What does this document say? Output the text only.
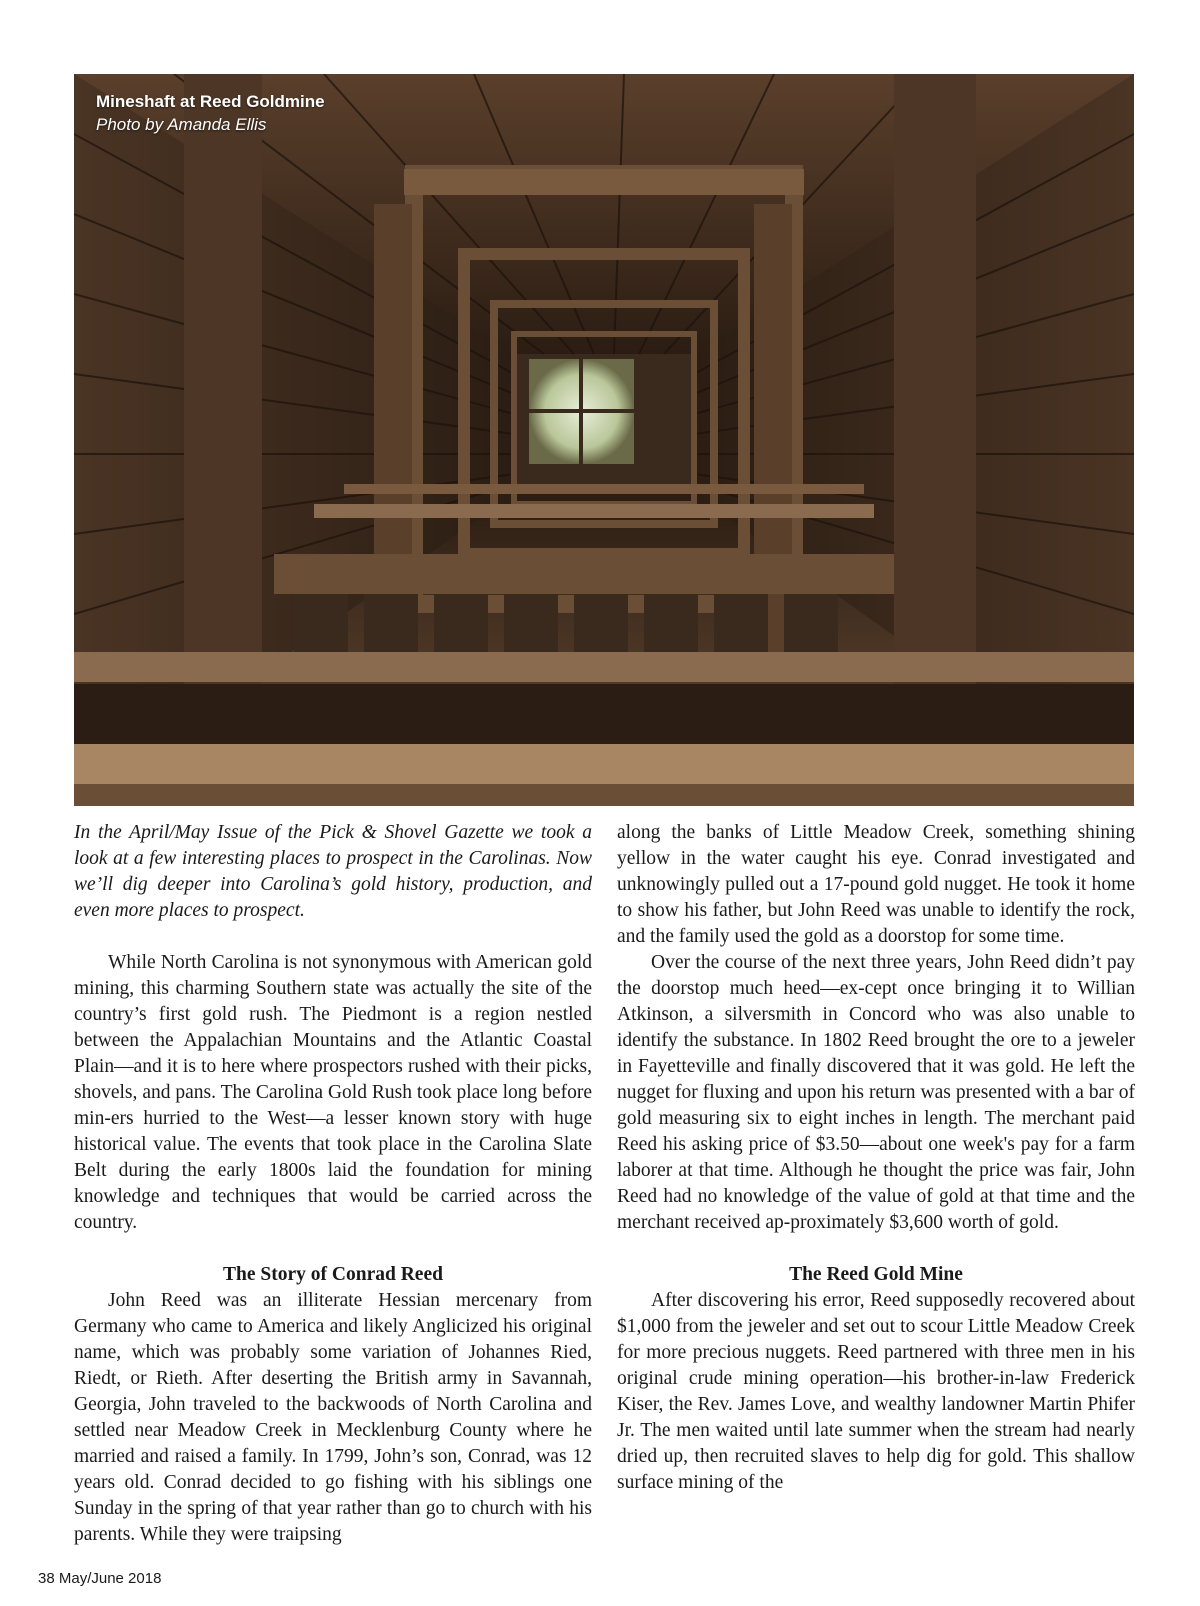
Mineshaft at Reed Goldmine
Photo by Amanda Ellis

In the April/May Issue of the Pick & Shovel Gazette we took a look at a few interesting places to prospect in the Carolinas. Now we’ll dig deeper into Carolina’s gold history, production, and even more places to prospect.

While North Carolina is not synonymous with American gold mining, this charming Southern state was actually the site of the country’s first gold rush. The Piedmont is a region nestled between the Appalachian Mountains and the Atlantic Coastal Plain—and it is to here where prospectors rushed with their picks, shovels, and pans. The Carolina Gold Rush took place long before min-ers hurried to the West—a lesser known story with huge historical value. The events that took place in the Carolina Slate Belt during the early 1800s laid the foundation for mining knowledge and techniques that would be carried across the country.

The Story of Conrad Reed

John Reed was an illiterate Hessian mercenary from Germany who came to America and likely Anglicized his original name, which was probably some variation of Johannes Ried, Riedt, or Rieth. After deserting the British army in Savannah, Georgia, John traveled to the backwoods of North Carolina and settled near Meadow Creek in Mecklenburg County where he married and raised a family. In 1799, John’s son, Conrad, was 12 years old. Conrad decided to go fishing with his siblings one Sunday in the spring of that year rather than go to church with his parents. While they were traipsing

along the banks of Little Meadow Creek, something shining yellow in the water caught his eye. Conrad investigated and unknowingly pulled out a 17-pound gold nugget. He took it home to show his father, but John Reed was unable to identify the rock, and the family used the gold as a doorstop for some time.

Over the course of the next three years, John Reed didn’t pay the doorstop much heed—ex-cept once bringing it to Willian Atkinson, a silversmith in Concord who was also unable to identify the substance. In 1802 Reed brought the ore to a jeweler in Fayetteville and finally discovered that it was gold. He left the nugget for fluxing and upon his return was presented with a bar of gold measuring six to eight inches in length. The merchant paid Reed his asking price of $3.50—about one week's pay for a farm laborer at that time. Although he thought the price was fair, John Reed had no knowledge of the value of gold at that time and the merchant received ap-proximately $3,600 worth of gold.

The Reed Gold Mine

After discovering his error, Reed supposedly recovered about $1,000 from the jeweler and set out to scour Little Meadow Creek for more precious nuggets. Reed partnered with three men in his original crude mining operation—his brother-in-law Frederick Kiser, the Rev. James Love, and wealthy landowner Martin Phifer Jr. The men waited until late summer when the stream had nearly dried up, then recruited slaves to help dig for gold. This shallow surface mining of the

38 May/June 2018
